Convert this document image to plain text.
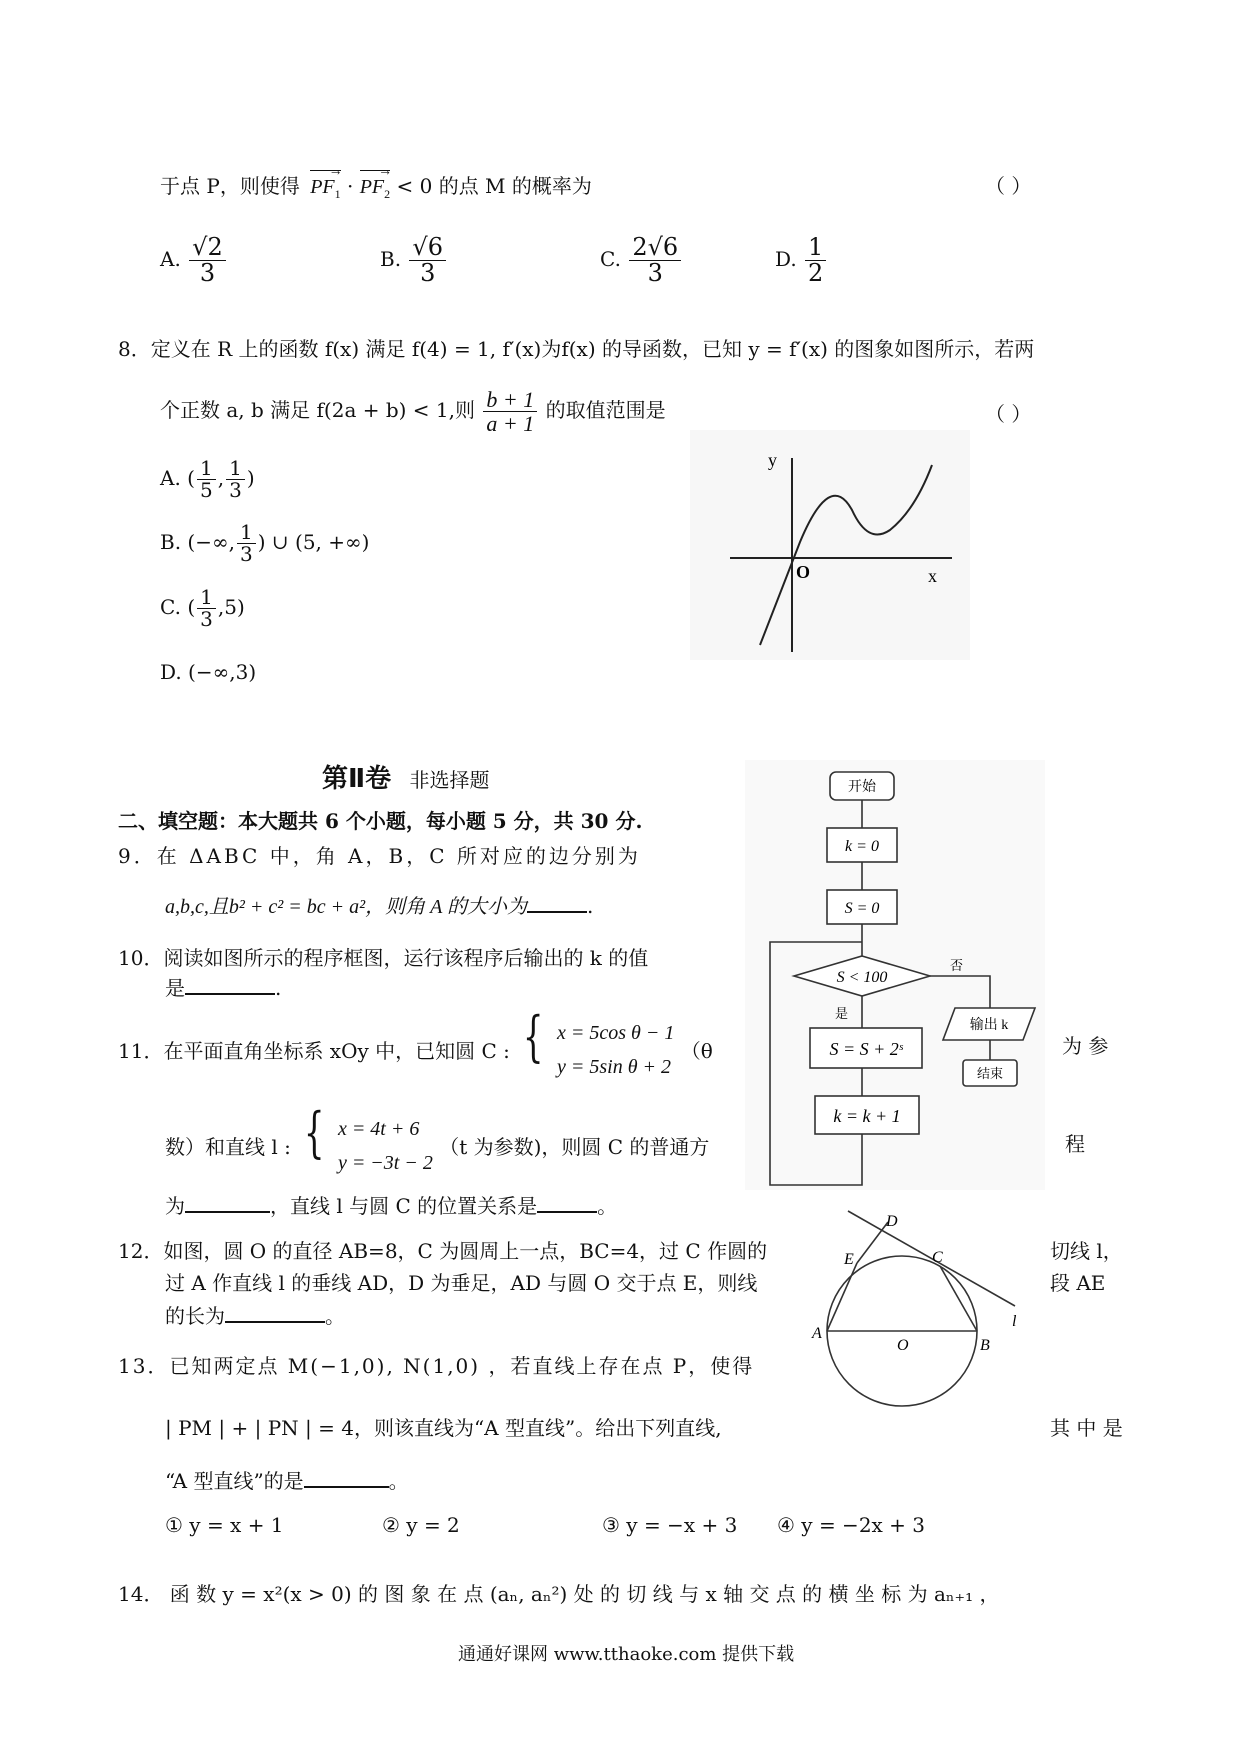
于点 P，则使得
→
$PF_1$ ·
→
$PF_2 < 0$ 的点 M 的概率为	（ ）
A. $\frac{√2}{3}$	B. $\frac{√6}{3}$	C. $\frac{2√6}{3}$	D. $\frac{1}{2}$
8．定义在 R 上的函数 f(x) 满足 f(4) = 1, f′(x)为f(x) 的导函数，已知 y = f′(x) 的图象如图所示，若两
个正数 a, b 满足 f(2a + b) < 1,则 $\frac{b + 1}{a + 1}$ 的取值范围是	（ ）
A. ( $\frac{1}{5}$ , $\frac{1}{3}$ )
B. (−∞, $\frac{1}{3}$ ) ∪ (5, +∞)
C. ( $\frac{1}{3} ,5$)
D. (−∞,3)
y
x
O
第Ⅱ卷 非选择题
二、填空题：本大题共 6 个小题，每小题 5 分，共 30 分.
9．在 ΔABC 中，角 A，B，C 所对应的边分别为
a,b,c,且b² + c² = bc + a²，则角 A 的大小为	.
10．阅读如图所示的程序框图，运行该程序后输出的 k 的值
是	.
11．在平面直角坐标系 xOy 中，已知圆 C : { x = 5cos θ − 1
y = 5sin θ + 2
（θ	为 参
数）和直线 l : { x = 4t + 6
y = −3t − 2
（t 为参数)，则圆 C 的普通方	程
为	，直线 l 与圆 C 的位置关系是	。
开始
k = 0
S = 0
S < 100
否
输出 k
结束
是
S = S + 2ˢ
k = k + 1
12．如图，圆 O 的直径 AB=8，C 为圆周上一点，BC=4，过 C 作圆的	切线 l，
过 A 作直线 l 的垂线 AD，D 为垂足，AD 与圆 O 交于点 E，则线	段 AE
的长为	。
D
E	C
A
O	B
l
13．已知两定点 M(−1,0), N(1,0) ，若直线上存在点 P，使得
| PM | + | PN | = 4，则该直线为“A 型直线”。给出下列直线,	其 中 是
“A 型直线”的是	。
① y = x + 1	② y = 2	③ y = −x + 3 ④ y = −2x + 3
14． 函 数 y = x²(x > 0) 的 图 象 在 点 (aₙ, aₙ²) 处 的 切 线 与 x 轴 交 点 的 横 坐 标 为 aₙ₊₁ ，
通通好课网 www.tthaoke.com 提供下载
